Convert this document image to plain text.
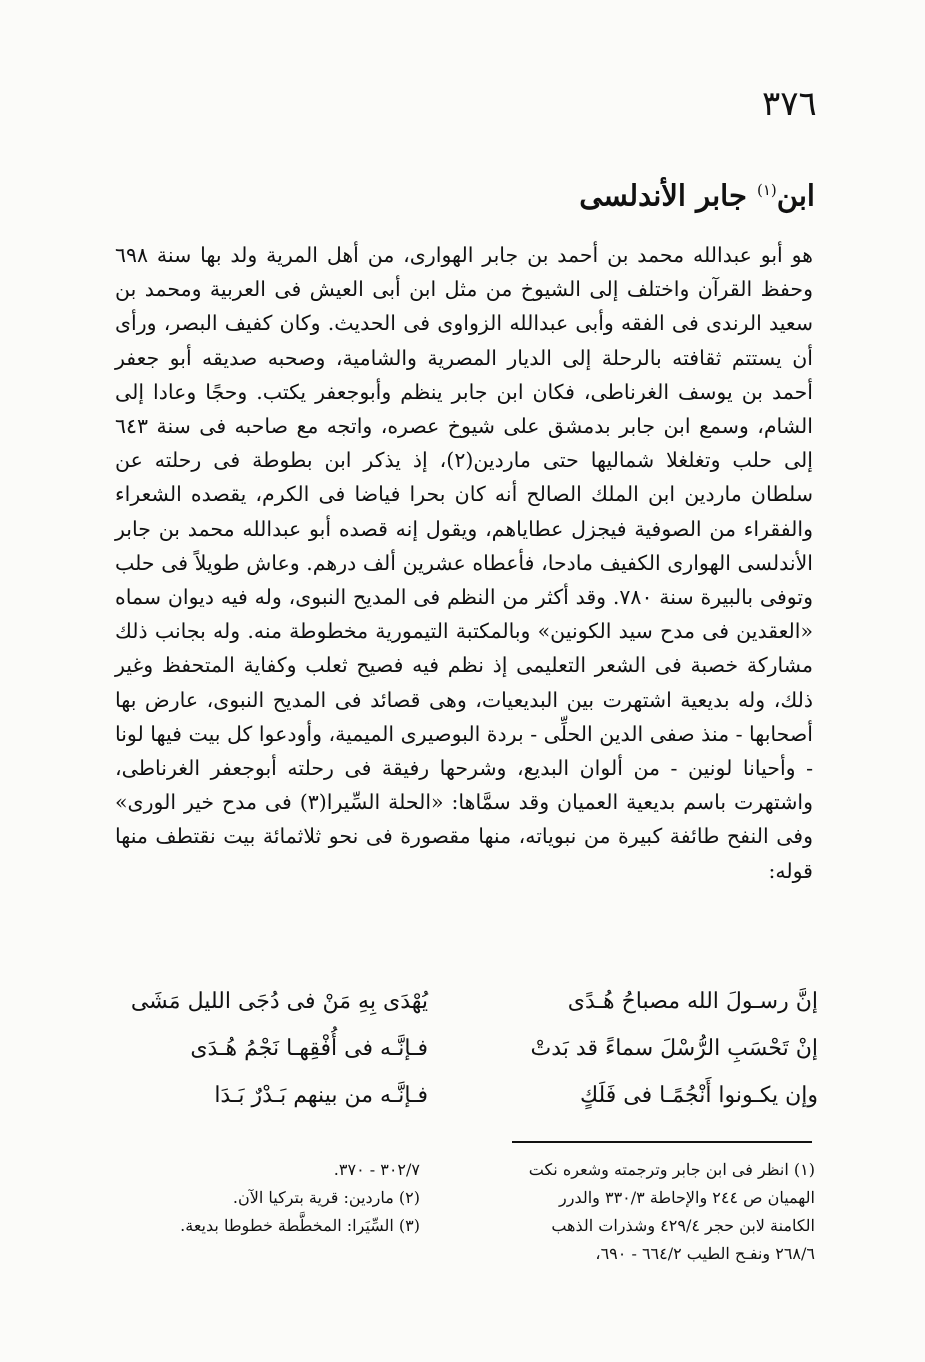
٣٧٦
ابن$^{(١)}$ جابر الأندلسى

هو أبو عبدالله محمد بن أحمد بن جابر الهوارى، من أهل المرية ولد بها سنة ٦٩٨ وحفظ القرآن واختلف إلى الشيوخ من مثل ابن أبى العيش فى العربية ومحمد بن سعيد الرندى فى الفقه وأبى عبدالله الزواوى فى الحديث. وكان كفيف البصر، ورأى أن يستتم ثقافته بالرحلة إلى الديار المصرية والشامية، وصحبه صديقه أبو جعفر أحمد بن يوسف الغرناطى، فكان ابن جابر ينظم وأبوجعفر يكتب. وحجًا وعادا إلى الشام، وسمع ابن جابر بدمشق على شيوخ عصره، واتجه مع صاحبه فى سنة ٦٤٣ إلى حلب وتغلغلا شماليها حتى ماردين(٢)، إذ يذكر ابن بطوطة فى رحلته عن سلطان ماردين ابن الملك الصالح أنه كان بحرا فياضا فى الكرم، يقصده الشعراء والفقراء من الصوفية فيجزل عطاياهم، ويقول إنه قصده أبو عبدالله محمد بن جابر الأندلسى الهوارى الكفيف مادحا، فأعطاه عشرين ألف درهم. وعاش طويلاً فى حلب وتوفى بالبيرة سنة ٧٨٠. وقد أكثر من النظم فى المديح النبوى، وله فيه ديوان سماه «العقدين فى مدح سيد الكونين» وبالمكتبة التيمورية مخطوطة منه. وله بجانب ذلك مشاركة خصبة فى الشعر التعليمى إذ نظم فيه فصيح ثعلب وكفاية المتحفظ وغير ذلك، وله بديعية اشتهرت بين البديعيات، وهى قصائد فى المديح النبوى، عارض بها أصحابها - منذ صفى الدين الحلِّى - بردة البوصيرى الميمية، وأودعوا كل بيت فيها لونا - وأحيانا لونين - من ألوان البديع، وشرحها رفيقة فى رحلته أبوجعفر الغرناطى، واشتهرت باسم بديعية العميان وقد سمَّاها: «الحلة السِّيرا(٣) فى مدح خير الورى» وفى النفح طائفة كبيرة من نبوياته، منها مقصورة فى نحو ثلاثمائة بيت نقتطف منها قوله:

إنَّ رسـولَ الله مصباحُ هُـدًى
يُهْدَى بِهِ مَنْ فى دُجَى الليل مَشَى
إنْ تَحْسَبِ الرُّسْلَ سماءً قد بَدتْ
فـإنَّـه فى أُفْقِهـا نَجْمُ هُـدَى
وإن يكـونوا أَنْجُمًـا فى فَلَكٍ
فـإنَّـه من بينهم بَـدْرٌ بَـدَا
(١) انظر فى ابن جابر وترجمته وشعره نكت
الهميان ص ٢٤٤ والإحاطة ٣٣٠/٣ والدرر
الكامنة لابن حجر ٤٢٩/٤ وشذرات الذهب
٢٦٨/٦ ونفـح الطيب ٦٦٤/٢ - ٦٩٠،
٣٠٢/٧ - ٣٧٠.
(٢) ماردين: قرية بتركيا الآن.
(٣) السِّيَرا: المخطَّطة خطوطا بديعة.
